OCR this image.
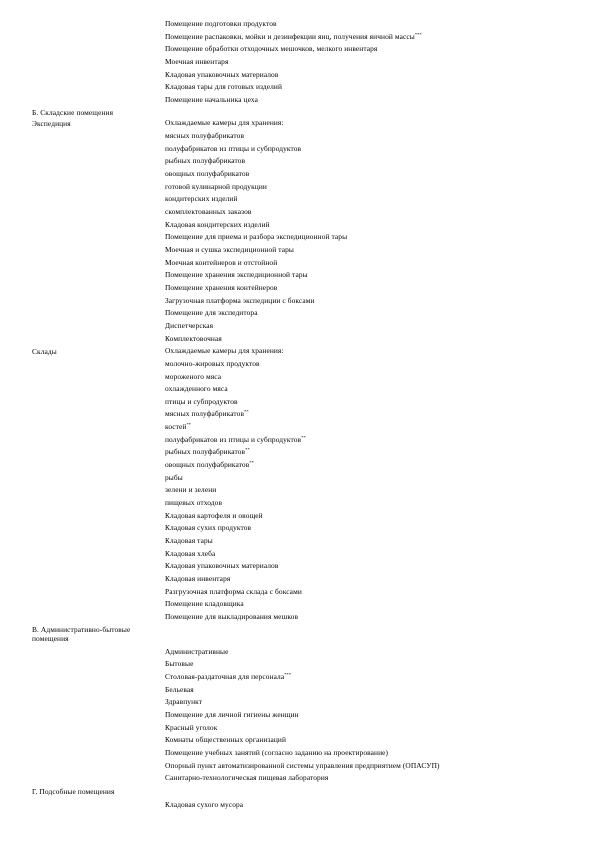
Помещение подготовки продуктов
Помещение распаковки, мойки и дезинфекции яиц, получения яичной массы***
Помещение обработки отходочных мешочков, мелкого инвентаря
Моечная инвентаря
Кладовая упаковочных материалов
Кладовая тары для готовых изделий
Помещение начальника цеха
Б. Складские помещения
Экспедиция	Охлаждаемые камеры для хранения:
мясных полуфабрикатов
полуфабрикатов из птицы и субпродуктов
рыбных полуфабрикатов
овощных полуфабрикатов
готовой кулинарной продукции
кондитерских изделий
скомплектованных заказов
Кладовая кондитерских изделий
Помещение для приема и разбора экспедиционной тары
Моечная и сушка экспедиционной тары
Моечная контейнеров и отстойной
Помещение хранения экспедиционной тары
Помещение хранения контейнеров
Загрузочная платформа экспедиции с боксами
Помещение для экспедитора
Диспетчерская
Комплектовочная
Склады	Охлаждаемые камеры для хранения:
молочно-жировых продуктов
мороженого мяса
охлажденного мяса
птицы и субпродуктов
мясных полуфабрикатов**
костей**
полуфабрикатов из птицы и субпродуктов**
рыбных полуфабрикатов**
овощных полуфабрикатов**
рыбы
зелени и зелени
пищевых отходов
Кладовая картофеля и овощей
Кладовая сухих продуктов
Кладовая тары
Кладовая хлеба
Кладовая упаковочных материалов
Кладовая инвентаря
Разгрузочная платформа склада с боксами
Помещение кладовщика
Помещение для выкладирования мешков
В. Административно-бытовые помещения
Административные
Бытовые
Столовая-раздаточная для персонала***
Бельевая
Здравпункт
Помещение для личной гигиены женщин
Красный уголок
Комнаты общественных организаций
Помещение учебных занятий (согласно заданию на проектирование)
Опорный пункт автоматизированной системы управления предприятием (ОПАСУП)
Санитарно-технологическая пищевая лаборатория
Г. Подсобные помещения
Кладовая сухого мусора
